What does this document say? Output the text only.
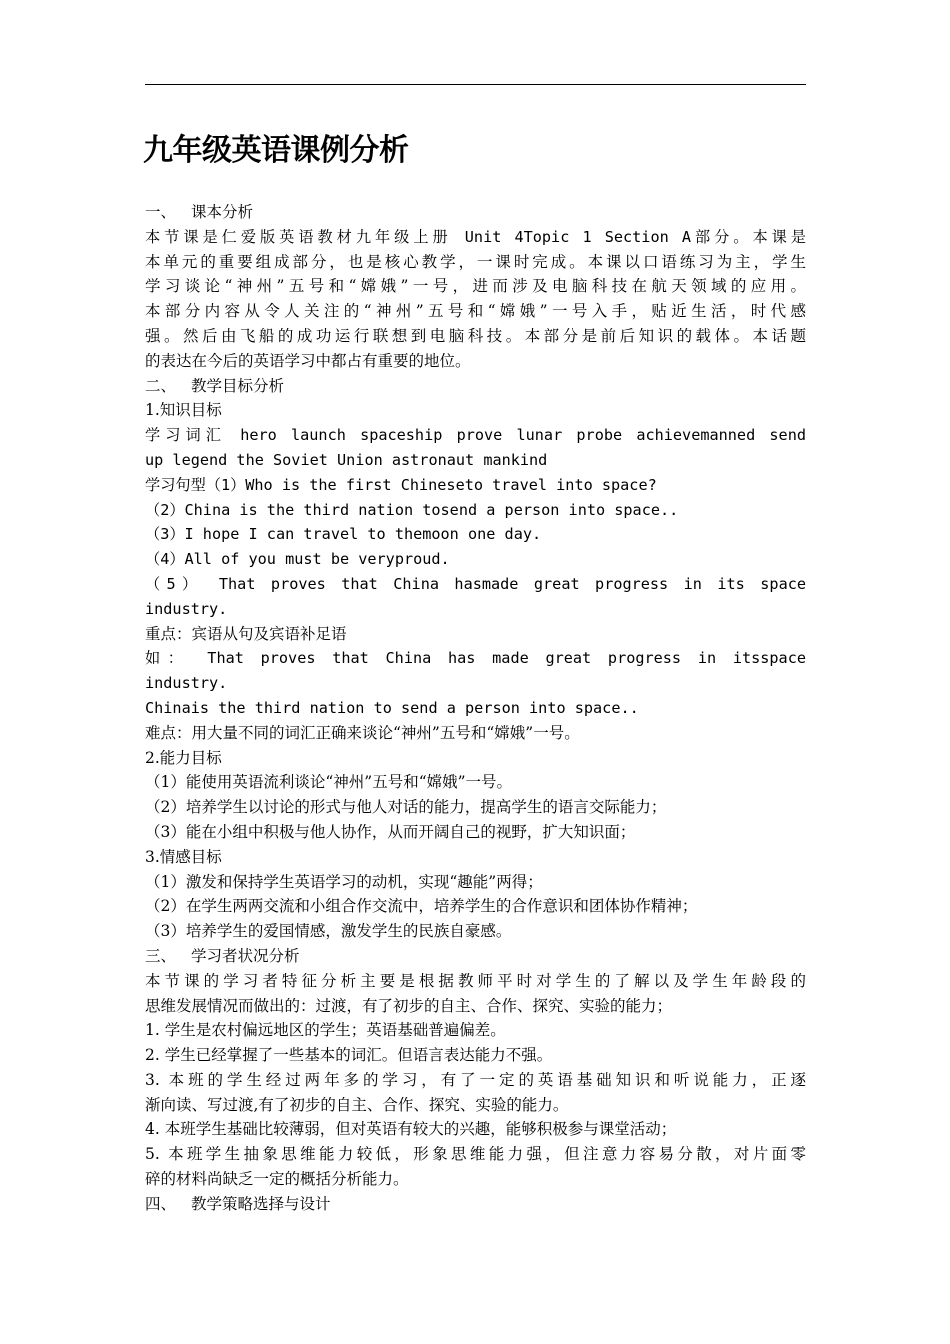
九年级英语课例分析
一、 课本分析
本节课是仁爱版英语教材九年级上册 Unit 4Topic 1 Section A部分。本课是
本单元的重要组成部分，也是核心教学，一课时完成。本课以口语练习为主，学生
学习谈论“神州”五号和“嫦娥”一号，进而涉及电脑科技在航天领域的应用。
本部分内容从令人关注的“神州”五号和“嫦娥”一号入手，贴近生活，时代感
强。然后由飞船的成功运行联想到电脑科技。本部分是前后知识的载体。本话题
的表达在今后的英语学习中都占有重要的地位。
二、 教学目标分析
1.知识目标
学习词汇 hero launch spaceship prove lunar probe achievemanned send
up legend the Soviet Union astronaut mankind
学习句型（1）Who is the first Chineseto travel into space?
（2）China is the third nation tosend a person into space..
（3）I hope I can travel to themoon one day.
（4）All of you must be veryproud.
（5） That proves that China hasmade great progress in its space
industry.
重点：宾语从句及宾语补足语
如： That proves that China has made great progress in itsspace
industry.
Chinais the third nation to send a person into space..
难点：用大量不同的词汇正确来谈论“神州”五号和“嫦娥”一号。
2.能力目标
（1）能使用英语流利谈论“神州”五号和“嫦娥”一号。
（2）培养学生以讨论的形式与他人对话的能力，提高学生的语言交际能力；
（3）能在小组中积极与他人协作，从而开阔自己的视野，扩大知识面；
3.情感目标
（1）激发和保持学生英语学习的动机，实现“趣能”两得；
（2）在学生两两交流和小组合作交流中，培养学生的合作意识和团体协作精神；
（3）培养学生的爱国情感，激发学生的民族自豪感。
三、 学习者状况分析
本节课的学习者特征分析主要是根据教师平时对学生的了解以及学生年龄段的
思维发展情况而做出的：过渡，有了初步的自主、合作、探究、实验的能力；
1. 学生是农村偏远地区的学生；英语基础普遍偏差。
2. 学生已经掌握了一些基本的词汇。但语言表达能力不强。
3. 本班的学生经过两年多的学习，有了一定的英语基础知识和听说能力，正逐
渐向读、写过渡,有了初步的自主、合作、探究、实验的能力。
4. 本班学生基础比较薄弱，但对英语有较大的兴趣，能够积极参与课堂活动；
5. 本班学生抽象思维能力较低，形象思维能力强，但注意力容易分散，对片面零
碎的材料尚缺乏一定的概括分析能力。
四、 教学策略选择与设计
